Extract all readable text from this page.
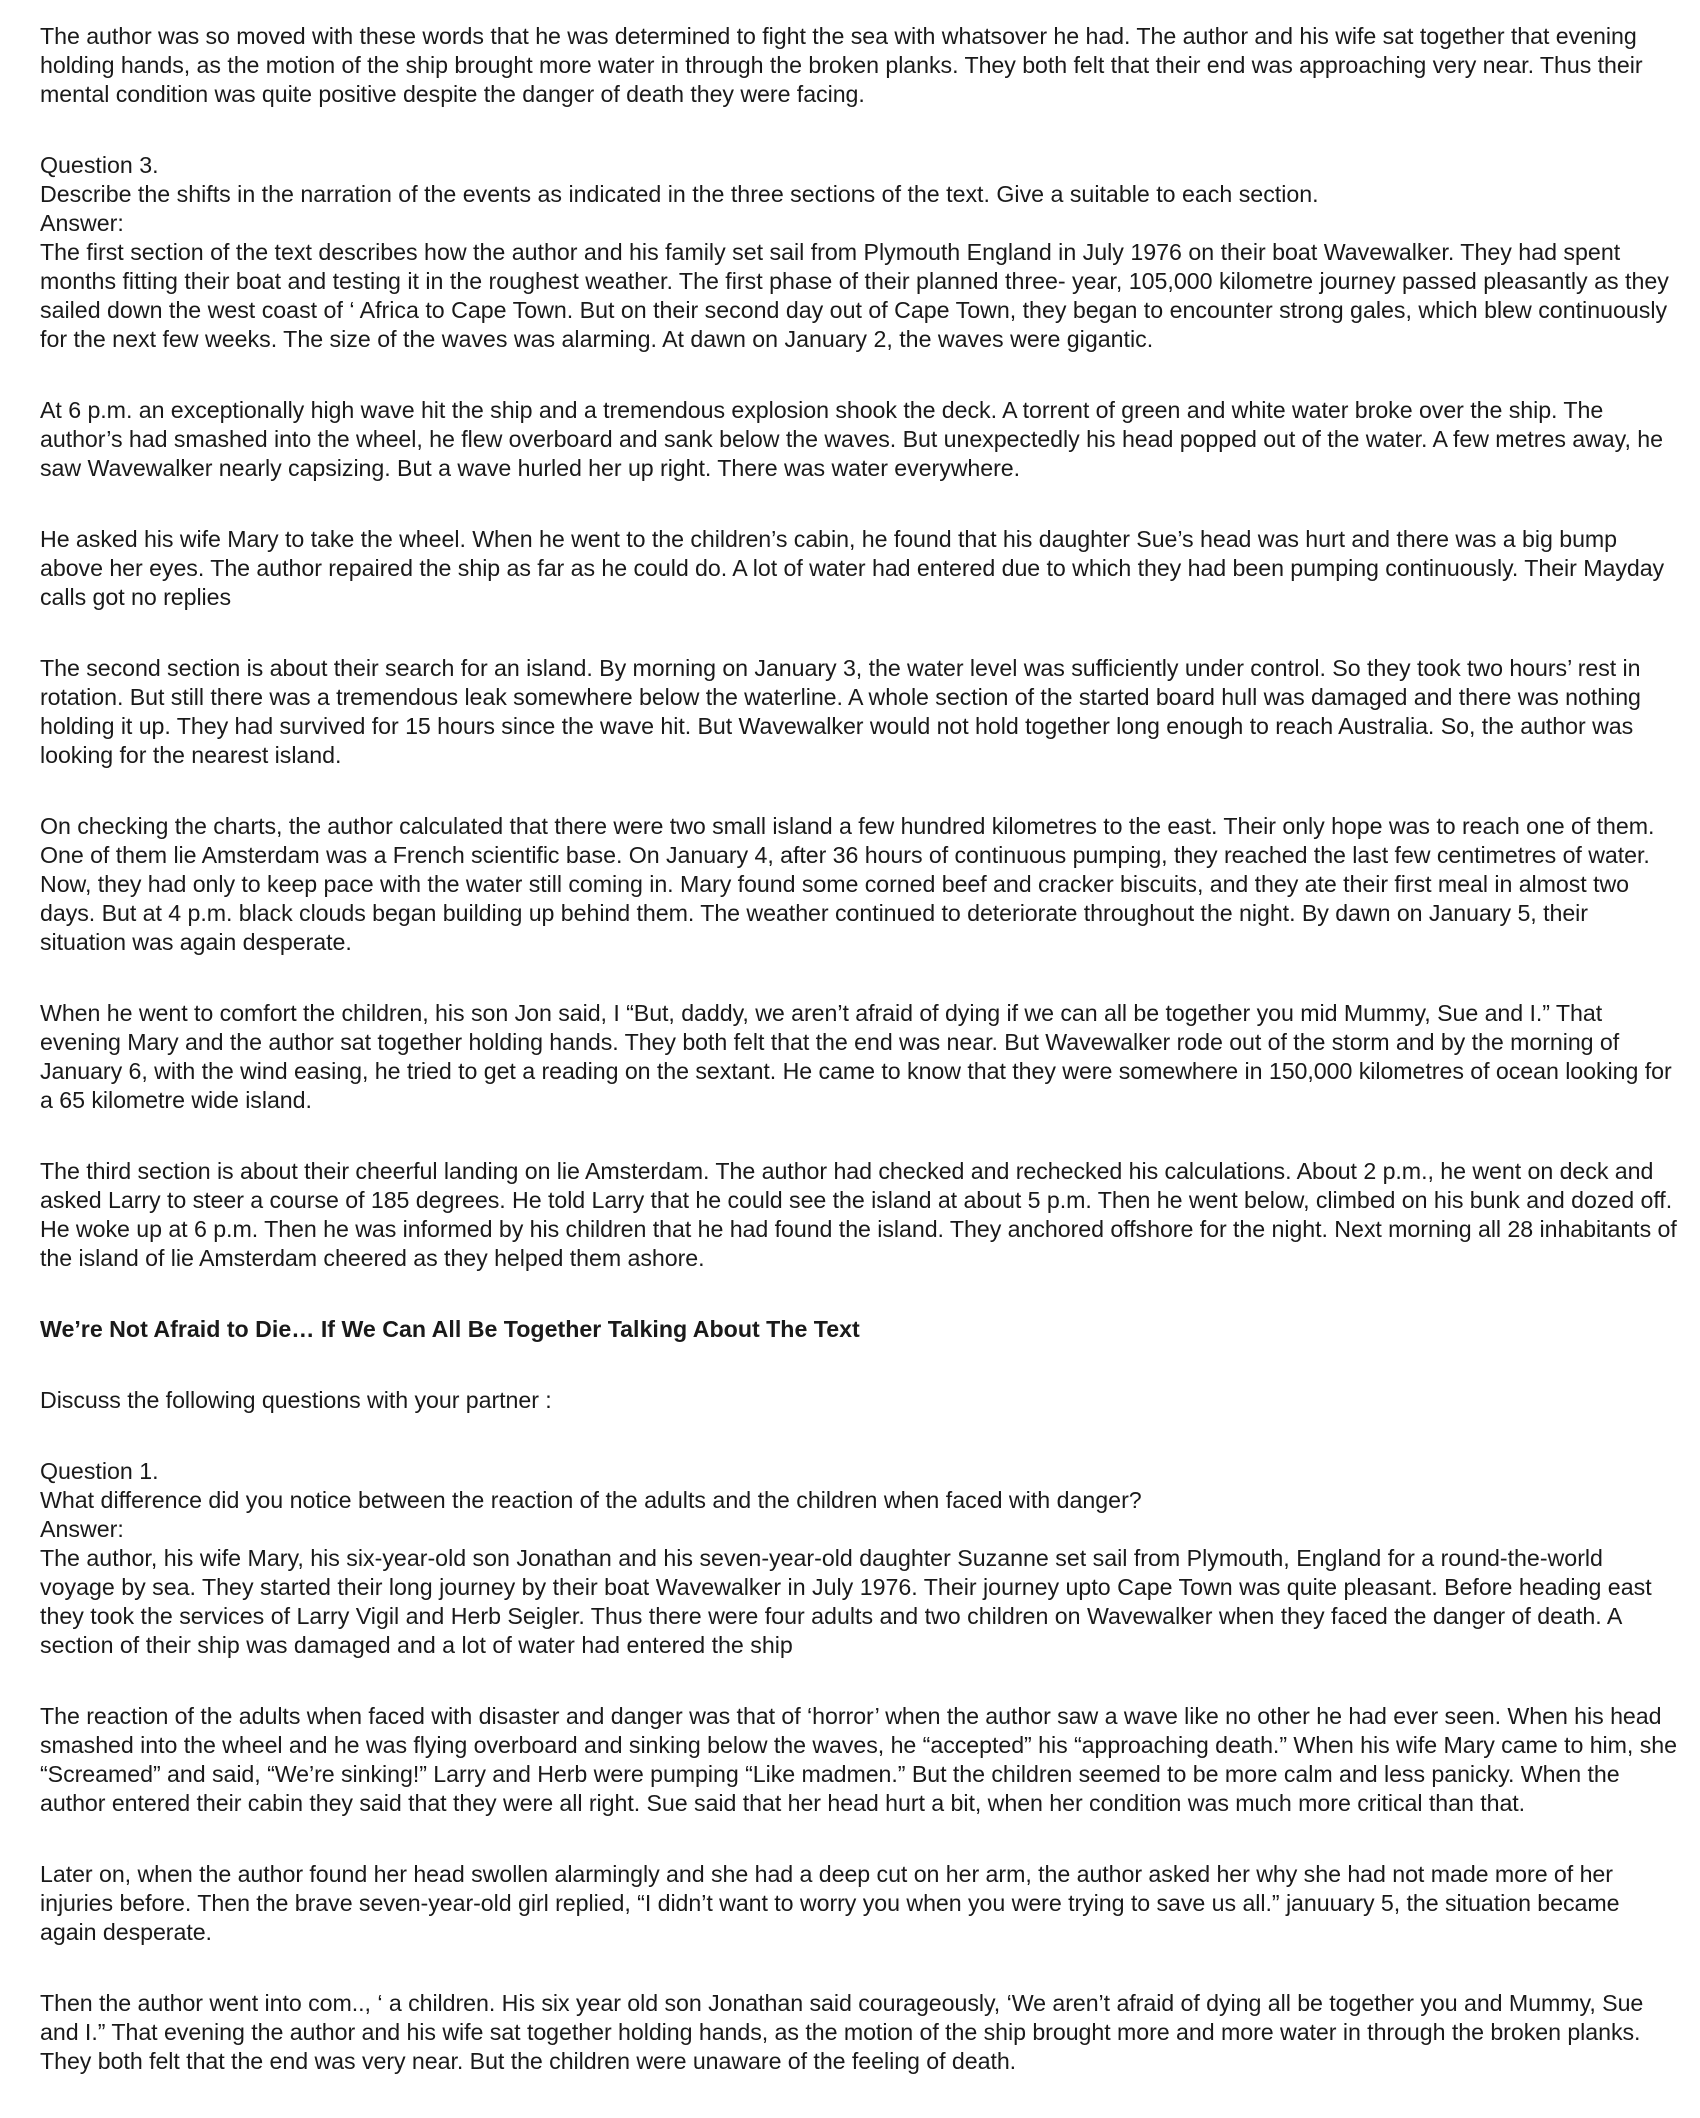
The author was so moved with these words that he was determined to fight the sea with whatsover he had. The author and his wife sat together that evening holding hands, as the motion of the ship brought more water in through the broken planks. They both felt that their end was approaching very near. Thus their mental condition was quite positive despite the danger of death they were facing.

Question 3.
Describe the shifts in the narration of the events as indicated in the three sections of the text. Give a suitable to each section.
Answer:
The first section of the text describes how the author and his family set sail from Plymouth England in July 1976 on their boat Wavewalker. They had spent months fitting their boat and testing it in the roughest weather. The first phase of their planned three- year, 105,000 kilometre journey passed pleasantly as they sailed down the west coast of ‘ Africa to Cape Town. But on their second day out of Cape Town, they began to encounter strong gales, which blew continuously for the next few weeks. The size of the waves was alarming. At dawn on January 2, the waves were gigantic.

At 6 p.m. an exceptionally high wave hit the ship and a tremendous explosion shook the deck. A torrent of green and white water broke over the ship. The author’s had smashed into the wheel, he flew overboard and sank below the waves. But unexpectedly his head popped out of the water. A few metres away, he saw Wavewalker nearly capsizing. But a wave hurled her up right. There was water everywhere.

He asked his wife Mary to take the wheel. When he went to the children’s cabin, he found that his daughter Sue’s head was hurt and there was a big bump above her eyes. The author repaired the ship as far as he could do. A lot of water had entered due to which they had been pumping continuously. Their Mayday calls got no replies

The second section is about their search for an island. By morning on January 3, the water level was sufficiently under control. So they took two hours’ rest in rotation. But still there was a tremendous leak somewhere below the waterline. A whole section of the started board hull was damaged and there was nothing holding it up. They had survived for 15 hours since the wave hit. But Wavewalker would not hold together long enough to reach Australia. So, the author was looking for the nearest island.

On checking the charts, the author calculated that there were two small island a few hundred kilometres to the east. Their only hope was to reach one of them. One of them lie Amsterdam was a French scientific base. On January 4, after 36 hours of continuous pumping, they reached the last few centimetres of water. Now, they had only to keep pace with the water still coming in. Mary found some corned beef and cracker biscuits, and they ate their first meal in almost two days. But at 4 p.m. black clouds began building up behind them. The weather continued to deteriorate throughout the night. By dawn on January 5, their situation was again desperate.

When he went to comfort the children, his son Jon said, I “But, daddy, we aren’t afraid of dying if we can all be together you mid Mummy, Sue and I.” That evening Mary and the author sat together holding hands. They both felt that the end was near. But Wavewalker rode out of the storm and by the morning of January 6, with the wind easing, he tried to get a reading on the sextant. He came to know that they were somewhere in 150,000 kilometres of ocean looking for a 65 kilometre wide island.

The third section is about their cheerful landing on lie Amsterdam. The author had checked and rechecked his calculations. About 2 p.m., he went on deck and asked Larry to steer a course of 185 degrees. He told Larry that he could see the island at about 5 p.m. Then he went below, climbed on his bunk and dozed off. He woke up at 6 p.m. Then he was informed by his children that he had found the island. They anchored offshore for the night. Next morning all 28 inhabitants of the island of lie Amsterdam cheered as they helped them ashore.

We’re Not Afraid to Die… If We Can All Be Together Talking About The Text

Discuss the following questions with your partner :

Question 1.
What difference did you notice between the reaction of the adults and the children when faced with danger?
Answer:
The author, his wife Mary, his six-year-old son Jonathan and his seven-year-old daughter Suzanne set sail from Plymouth, England for a round-the-world voyage by sea. They started their long journey by their boat Wavewalker in July 1976. Their journey upto Cape Town was quite pleasant. Before heading east they took the services of Larry Vigil and Herb Seigler. Thus there were four adults and two children on Wavewalker when they faced the danger of death. A section of their ship was damaged and a lot of water had entered the ship

The reaction of the adults when faced with disaster and danger was that of ‘horror’ when the author saw a wave like no other he had ever seen. When his head smashed into the wheel and he was flying overboard and sinking below the waves, he “accepted” his “approaching death.” When his wife Mary came to him, she “Screamed” and said, “We’re sinking!” Larry and Herb were pumping “Like madmen.” But the children seemed to be more calm and less panicky. When the author entered their cabin they said that they were all right. Sue said that her head hurt a bit, when her condition was much more critical than that.

Later on, when the author found her head swollen alarmingly and she had a deep cut on her arm, the author asked her why she had not made more of her injuries before. Then the brave seven-year-old girl replied, “I didn’t want to worry you when you were trying to save us all.” januuary 5, the situation became again desperate.

Then the author went into com.., ‘ a children. His six year old son Jonathan said courageously, ‘We aren’t afraid of dying all be together you and Mummy, Sue and I.” That evening the author and his wife sat together holding hands, as the motion of the ship brought more and more water in through the broken planks. They both felt that the end was very near. But the children were unaware of the feeling of death.
